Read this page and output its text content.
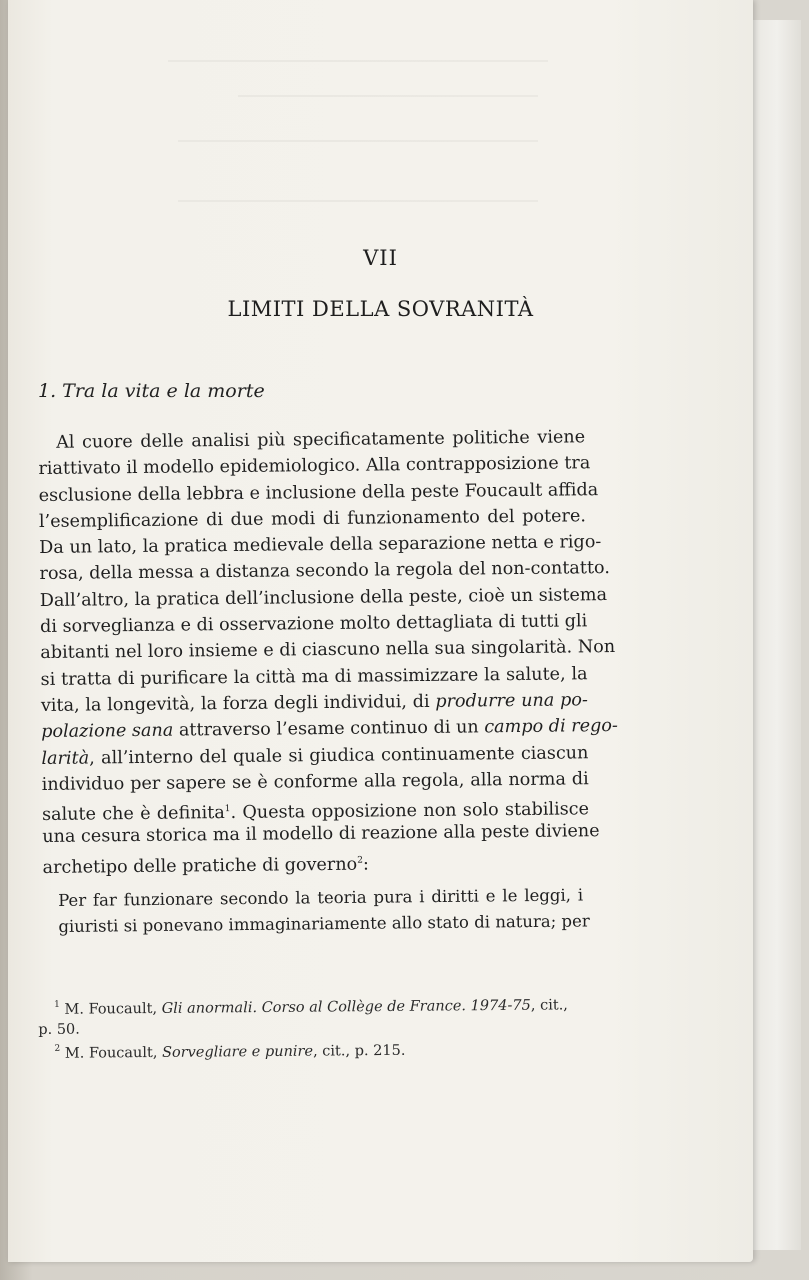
VII
LIMITI DELLA SOVRANITÀ
1. Tra la vita e la morte
Al cuore delle analisi più specificatamente politiche viene
riattivato il modello epidemiologico. Alla contrapposizione tra
esclusione della lebbra e inclusione della peste Foucault affida
l’esemplificazione di due modi di funzionamento del potere.
Da un lato, la pratica medievale della separazione netta e rigo-
rosa, della messa a distanza secondo la regola del non-contatto.
Dall’altro, la pratica dell’inclusione della peste, cioè un sistema
di sorveglianza e di osservazione molto dettagliata di tutti gli
abitanti nel loro insieme e di ciascuno nella sua singolarità. Non
si tratta di purificare la città ma di massimizzare la salute, la
vita, la longevità, la forza degli individui, di produrre una po-
polazione sana attraverso l’esame continuo di un campo di rego-
larità, all’interno del quale si giudica continuamente ciascun
individuo per sapere se è conforme alla regola, alla norma di
salute che è definita$^1$. Questa opposizione non solo stabilisce
una cesura storica ma il modello di reazione alla peste diviene
archetipo delle pratiche di governo$^2$:
Per far funzionare secondo la teoria pura i diritti e le leggi, i
giuristi si ponevano immaginariamente allo stato di natura; per
$^1$ M. Foucault, Gli anormali. Corso al Collège de France. 1974-75, cit.,
p. 50.
$^2$ M. Foucault, Sorvegliare e punire, cit., p. 215.
